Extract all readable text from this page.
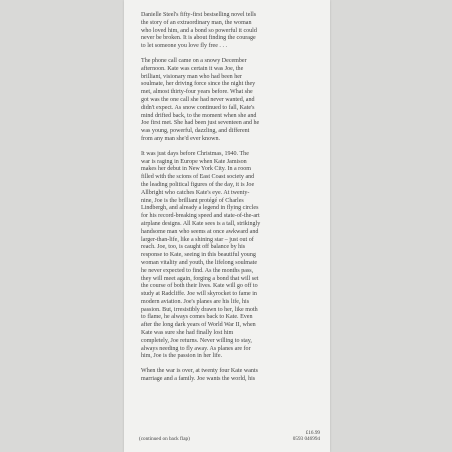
Danielle Steel's fifty-first bestselling novel tells
the story of an extraordinary man, the woman
who loved him, and a bond so powerful it could
never be broken. It is about finding the courage
to let someone you love fly free . . .
The phone call came on a snowy December
afternoon. Kate was certain it was Joe, the
brilliant, visionary man who had been her
soulmate, her driving force since the night they
met, almost thirty-four years before. What she
got was the one call she had never wanted, and
didn't expect. As snow continued to fall, Kate's
mind drifted back, to the moment when she and
Joe first met. She had been just seventeen and he
was young, powerful, dazzling, and different
from any man she'd ever known.
It was just days before Christmas, 1940. The
war is raging in Europe when Kate Jamison
makes her debut in New York City. In a room
filled with the scions of East Coast society and
the leading political figures of the day, it is Joe
Allbright who catches Kate's eye. At twenty-
nine, Joe is the brilliant protégé of Charles
Lindbergh, and already a legend in flying circles
for his record-breaking speed and state-of-the-art
airplane designs. All Kate sees is a tall, strikingly
handsome man who seems at once awkward and
larger-than-life, like a shining star – just out of
reach. Joe, too, is caught off balance by his
response to Kate, seeing in this beautiful young
woman vitality and youth, the lifelong soulmate
he never expected to find. As the months pass,
they will meet again, forging a bond that will set
the course of both their lives. Kate will go off to
study at Radcliffe. Joe will skyrocket to fame in
modern aviation. Joe's planes are his life, his
passion. But, irresistibly drawn to her, like moth
to flame, he always comes back to Kate. Even
after the long dark years of World War II, when
Kate was sure she had finally lost him
completely, Joe returns. Never willing to stay,
always needing to fly away. As planes are for
him, Joe is the passion in her life.
When the war is over, at twenty four Kate wants
marriage and a family. Joe wants the world, his
(continued on back flap)
£16.99
0593 046994
